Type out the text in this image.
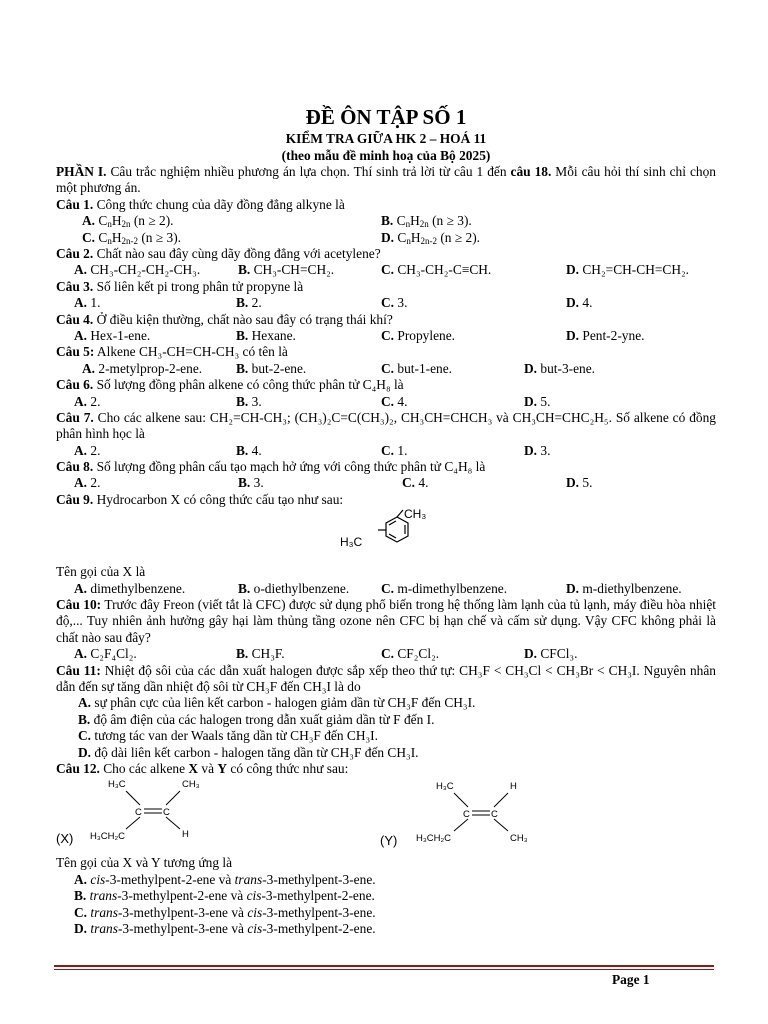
ĐỀ ÔN TẬP SỐ 1
KIỂM TRA GIỮA HK 2 – HOÁ 11
(theo mẫu đề minh hoạ của Bộ 2025)
PHẦN I. Câu trắc nghiệm nhiều phương án lựa chọn. Thí sinh trả lời từ câu 1 đến câu 18. Mỗi câu hỏi thí sinh chỉ chọn một phương án.
Câu 1. Công thức chung của dãy đồng đẳng alkyne là
A. $C_nH_{2n}$ (n ≥ 2).	B. $C_nH_{2n}$ (n ≥ 3).
C. $C_nH_{2n-2}$ (n ≥ 3).	D. $C_nH_{2n-2}$ (n ≥ 2).
Câu 2. Chất nào sau đây cùng dãy đồng đẳng với acetylene?
A. CH₃-CH₂-CH₂-CH₃.	B. CH₃-CH=CH₂.	C. CH₃-CH₂-C≡CH.	D. CH₂=CH-CH=CH₂.
Câu 3. Số liên kết pi trong phân tử propyne là
A. 1.	B. 2.	C. 3.	D. 4.
Câu 4. Ở điều kiện thường, chất nào sau đây có trạng thái khí?
A. Hex-1-ene.	B. Hexane.	C. Propylene.	D. Pent-2-yne.
Câu 5: Alkene CH₃-CH=CH-CH₃ có tên là
A. 2-metylprop-2-ene.	B. but-2-ene.	C. but-1-ene.	D. but-3-ene.
Câu 6. Số lượng đồng phân alkene có công thức phân tử C₄H₈ là
A. 2.	B. 3.	C. 4.	D. 5.
Câu 7. Cho các alkene sau: CH₂=CH-CH₃; (CH₃)₂C=C(CH₃)₂, CH₃CH=CHCH₃ và CH₃CH=CHC₂H₅. Số alkene có đồng phân hình học là
A. 2.	B. 4.	C. 1.	D. 3.
Câu 8. Số lượng đồng phân cấu tạo mạch hở ứng với công thức phân tử C₄H₈ là
A. 2.	B. 3.	C. 4.	D. 5.
Câu 9. Hydrocarbon X có công thức cấu tạo như sau:
CH₃
H₃C
Tên gọi của X là
A. dimethylbenzene.	B. o-diethylbenzene. C. m-dimethylbenzene.	D. m-diethylbenzene.
Câu 10: Trước đây Freon (viết tắt là CFC) được sử dụng phổ biến trong hệ thống làm lạnh của tủ lạnh, máy điều hòa nhiệt độ,... Tuy nhiên ảnh hưởng gây hại làm thủng tầng ozone nên CFC bị hạn chế và cấm sử dụng. Vậy CFC không phải là chất nào sau đây?
A. C₂F₄Cl₂.	B. CH₃F.	C. CF₂Cl₂.	D. CFCl₃.
Câu 11: Nhiệt độ sôi của các dẫn xuất halogen được sắp xếp theo thứ tự: CH₃F < CH₃Cl < CH₃Br < CH₃I. Nguyên nhân dẫn đến sự tăng dần nhiệt độ sôi từ CH₃F đến CH₃I là do
A. sự phân cực của liên kết carbon - halogen giảm dần từ CH₃F đến CH₃I.
B. độ âm điện của các halogen trong dẫn xuất giảm dần từ F đến I.
C. tương tác van der Waals tăng dần từ CH₃F đến CH₃I.
D. độ dài liên kết carbon - halogen tăng dần từ CH₃F đến CH₃I.
Câu 12. Cho các alkene X và Y có công thức như sau:
H₃C	CH₃
C C
H₃CH₂C	H
H₃C	H
C C
H₃CH₂C	CH₃
(X)	(Y)
Tên gọi của X và Y tương ứng là
A. cis-3-methylpent-2-ene và trans-3-methylpent-3-ene.
B. trans-3-methylpent-2-ene và cis-3-methylpent-2-ene.
C. trans-3-methylpent-3-ene và cis-3-methylpent-3-ene.
D. trans-3-methylpent-3-ene và cis-3-methylpent-2-ene.
Page 1
